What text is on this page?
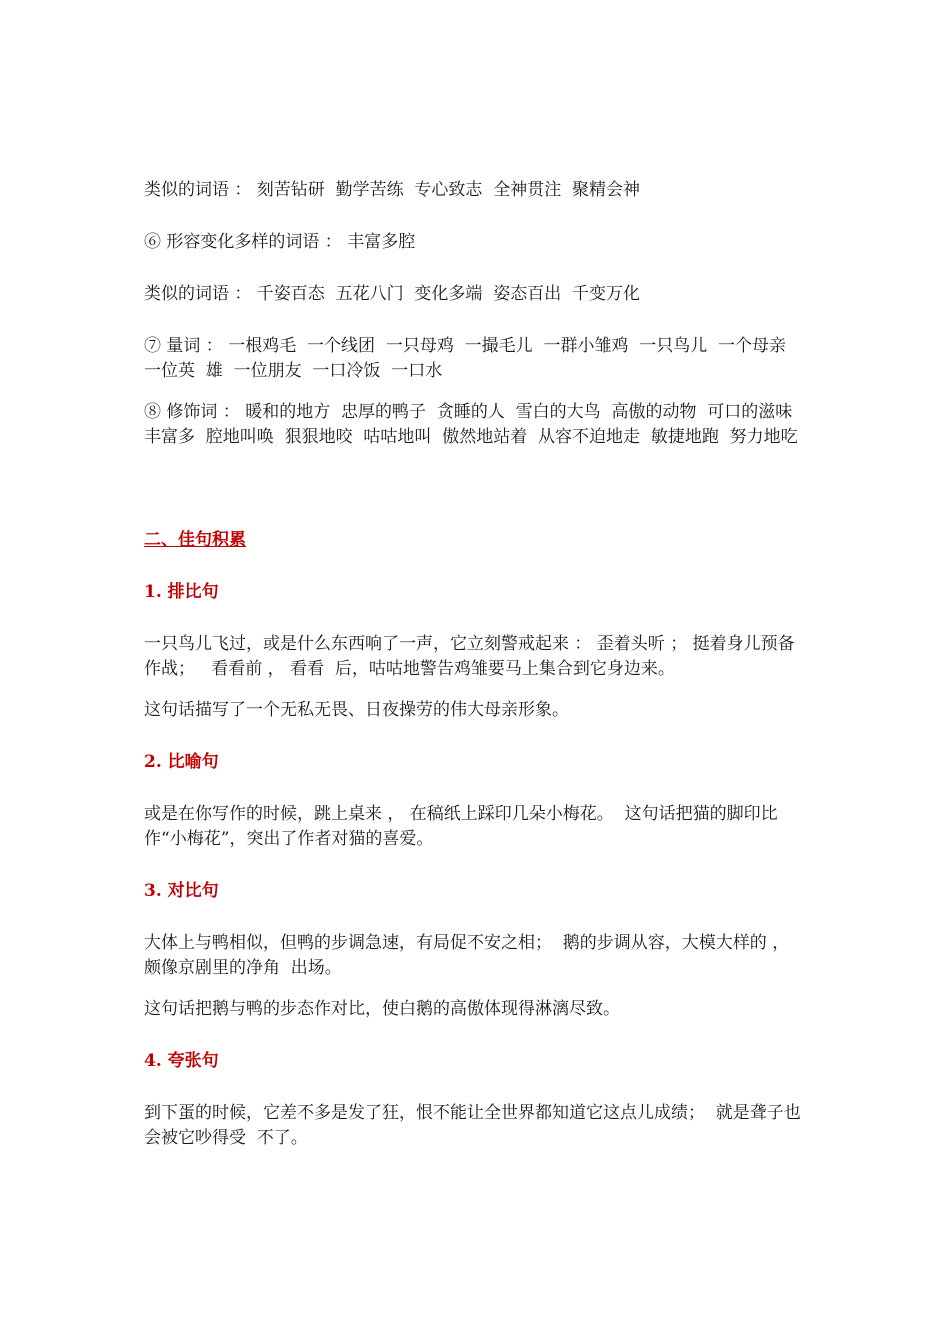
类似的词语 ： 刻苦钻研  勤学苦练  专心致志  全神贯注  聚精会神

⑥ 形容变化多样的词语 ： 丰富多腔

类似的词语 ： 千姿百态  五花八门  变化多端  姿态百出  千变万化

⑦ 量词 ： 一根鸡毛  一个线团  一只母鸡  一撮毛儿  一群小雏鸡  一只鸟儿  一个母亲  一位英  雄  一位朋友  一口冷饭  一口水

⑧ 修饰词 ： 暖和的地方  忠厚的鸭子  贪睡的人  雪白的大鸟  高傲的动物  可口的滋味  丰富多  腔地叫唤  狠狠地咬  咕咕地叫  傲然地站着  从容不迫地走  敏捷地跑  努力地吃

二、佳句积累

1. 排比句

一只鸟儿飞过，或是什么东西响了一声，它立刻警戒起来 ： 歪着头听 ； 挺着身儿预备作战；   看看前 ， 看看  后，咕咕地警告鸡雏要马上集合到它身边来。

这句话描写了一个无私无畏、日夜操劳的伟大母亲形象。

2. 比喻句

或是在你写作的时候，跳上桌来 ， 在稿纸上踩印几朵小梅花。  这句话把猫的脚印比作“小梅花”，突出了作者对猫的喜爱。

3. 对比句

大体上与鸭相似，但鸭的步调急速，有局促不安之相；  鹅的步调从容，大模大样的 ， 颇像京剧里的净角  出场。

这句话把鹅与鸭的步态作对比，使白鹅的高傲体现得淋漓尽致。

4. 夸张句

到下蛋的时候，它差不多是发了狂，恨不能让全世界都知道它这点儿成绩；  就是聋子也会被它吵得受  不了。
